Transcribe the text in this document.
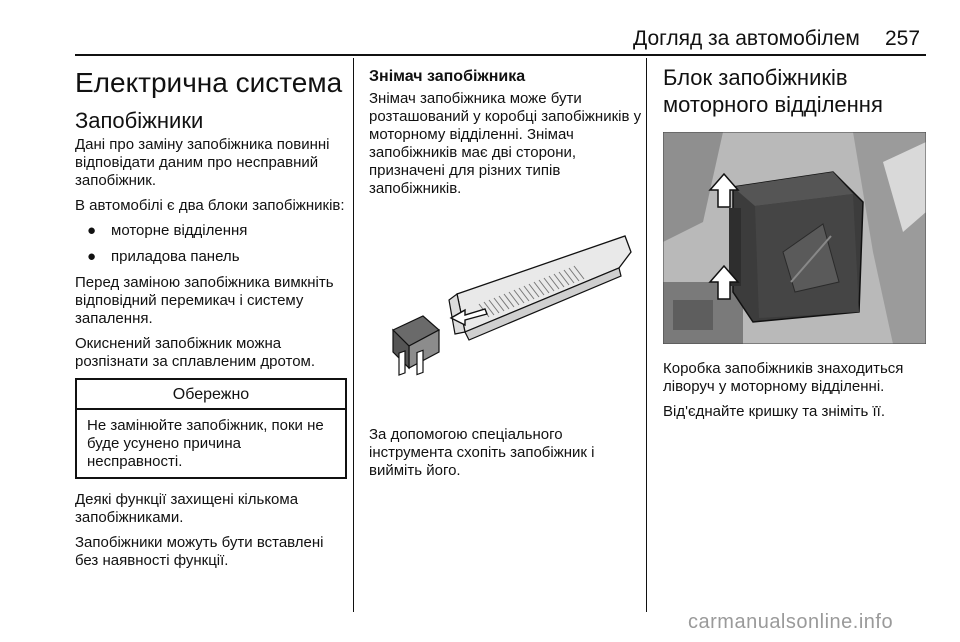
Догляд за автомобілем 257
Електрична система
Запобіжники

Дані про заміну запобіжника повинні відповідати даним про несправний запобіжник.

В автомобілі є два блоки запобіжників:

● моторне відділення
● приладова панель

Перед заміною запобіжника вимкніть відповідний перемикач і систему запалення.

Окиснений запобіжник можна розпізнати за сплавленим дротом.

Обережно
Не замінюйте запобіжник, поки не буде усунено причина несправності.

Деякі функції захищені кількома запобіжниками.

Запобіжники можуть бути вставлені без наявності функції.

Знімач запобіжника

Знімач запобіжника може бути розташований у коробці запобіжників у моторному відділенні. Знімач запобіжників має дві сторони, призначені для різних типів запобіжників.

За допомогою спеціального інструмента схопіть запобіжник і вийміть його.

Блок запобіжників моторного відділення

Коробка запобіжників знаходиться ліворуч у моторному відділенні.

Від'єднайте кришку та зніміть її.

carmanualsonline.info
